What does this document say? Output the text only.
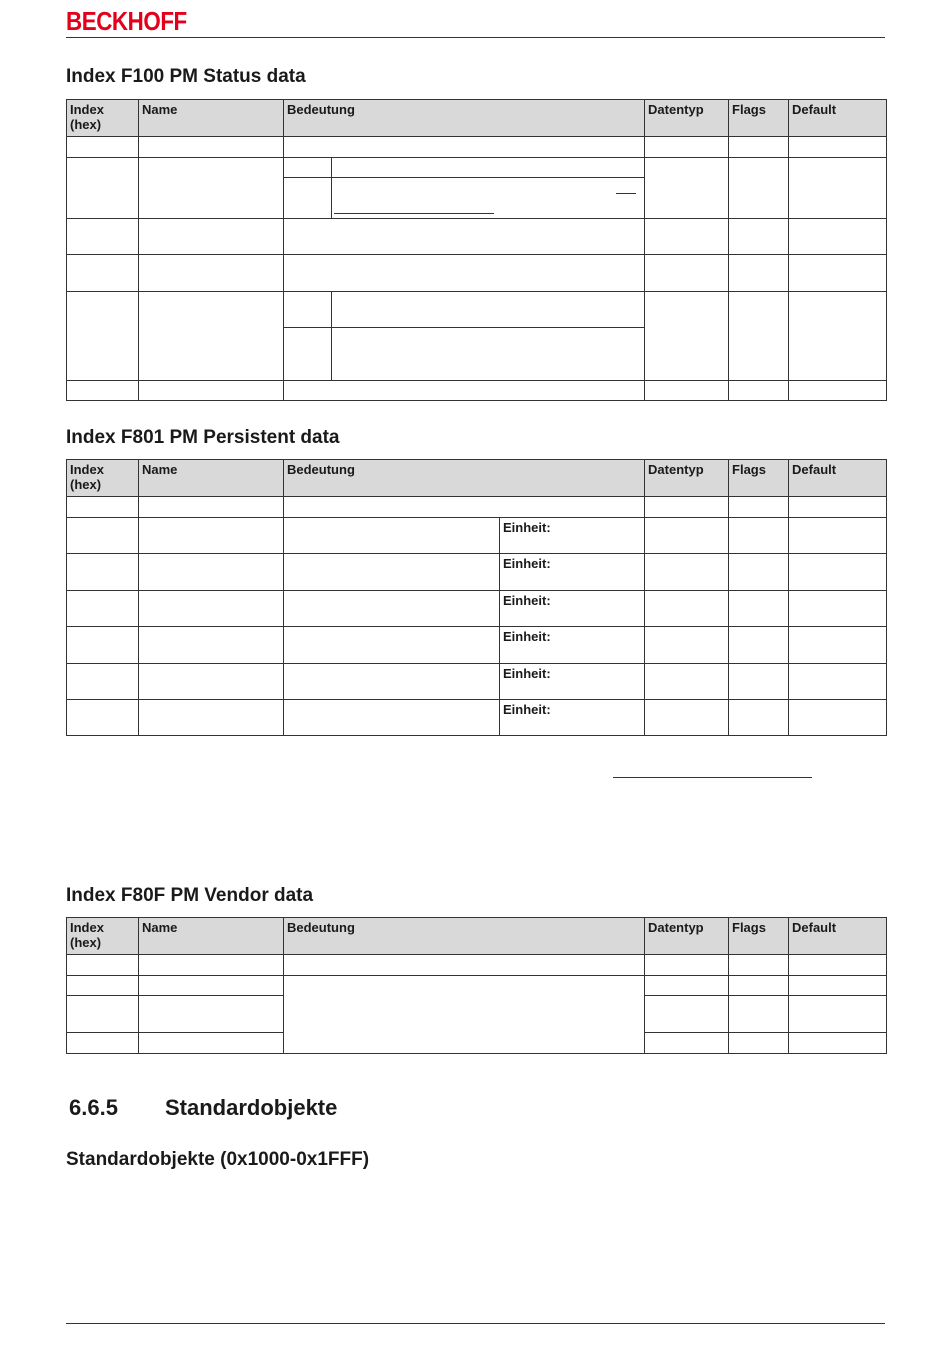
BECKHOFF
Index F100 PM Status data
Index
(hex)	Name	Bedeutung		Datentyp	Flags	Default

Index F801 PM Persistent data
Index
(hex)	Name	Bedeutung		Datentyp	Flags	Default

			Einheit:			
			Einheit:			
			Einheit:			
			Einheit:			
			Einheit:			
			Einheit:			
Index F80F PM Vendor data
Index
(hex)	Name	Bedeutung	Datentyp	Flags	Default

6.6.5 Standardobjekte
Standardobjekte (0x1000-0x1FFF)
